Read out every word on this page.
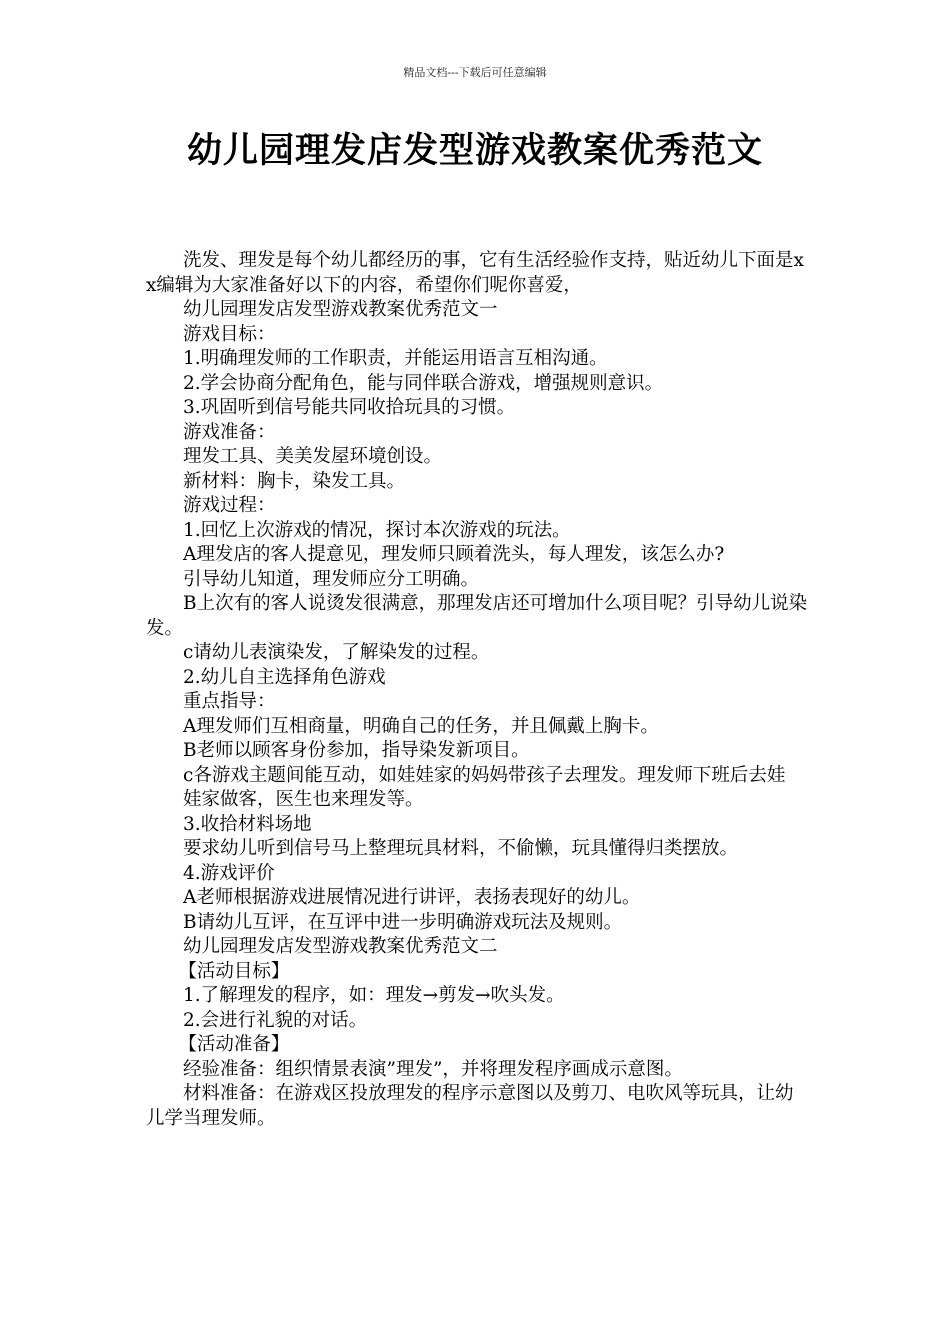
精品文档---下载后可任意编辑
幼儿园理发店发型游戏教案优秀范文

洗发、理发是每个幼儿都经历的事，它有生活经验作支持，贴近幼儿下面是xx编辑为大家准备好以下的内容，希望你们呢你喜爱，

幼儿园理发店发型游戏教案优秀范文一

游戏目标：

1.明确理发师的工作职责，并能运用语言互相沟通。

2.学会协商分配角色，能与同伴联合游戏，增强规则意识。

3.巩固听到信号能共同收拾玩具的习惯。

游戏准备：

理发工具、美美发屋环境创设。

新材料：胸卡，染发工具。

游戏过程：

1.回忆上次游戏的情况，探讨本次游戏的玩法。

A理发店的客人提意见，理发师只顾着洗头，每人理发，该怎么办?

引导幼儿知道，理发师应分工明确。

B上次有的客人说烫发很满意，那理发店还可增加什么项目呢？引导幼儿说染发。

c请幼儿表演染发，了解染发的过程。

2.幼儿自主选择角色游戏

重点指导：

A理发师们互相商量，明确自己的任务，并且佩戴上胸卡。

B老师以顾客身份参加，指导染发新项目。

c各游戏主题间能互动，如娃娃家的妈妈带孩子去理发。理发师下班后去娃

娃家做客，医生也来理发等。

3.收拾材料场地

要求幼儿听到信号马上整理玩具材料，不偷懒，玩具懂得归类摆放。

4.游戏评价

A老师根据游戏进展情况进行讲评，表扬表现好的幼儿。

B请幼儿互评，在互评中进一步明确游戏玩法及规则。

幼儿园理发店发型游戏教案优秀范文二

【活动目标】

1.了解理发的程序，如：理发→剪发→吹头发。

2.会进行礼貌的对话。

【活动准备】

经验准备：组织情景表演”理发”，并将理发程序画成示意图。

材料准备：在游戏区投放理发的程序示意图以及剪刀、电吹风等玩具，让幼儿学当理发师。
